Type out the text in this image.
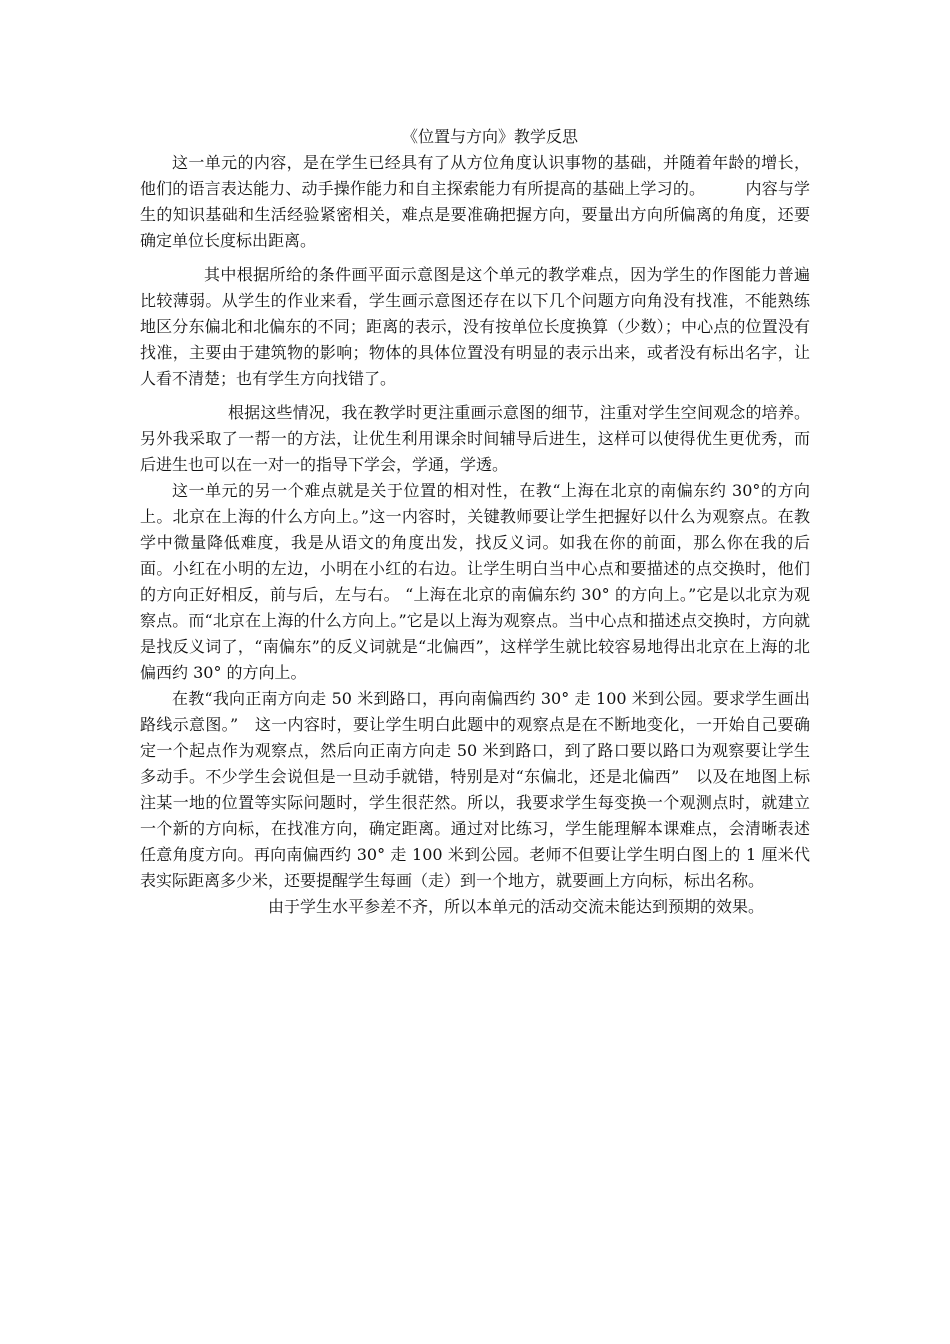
《位置与方向》教学反思

这一单元的内容，是在学生已经具有了从方位角度认识事物的基础，并随着年龄的增长，他们的语言表达能力、动手操作能力和自主探索能力有所提高的基础上学习的。　　　内容与学生的知识基础和生活经验紧密相关，难点是要准确把握方向，要量出方向所偏离的角度，还要确定单位长度标出距离。

其中根据所给的条件画平面示意图是这个单元的教学难点，因为学生的作图能力普遍比较薄弱。从学生的作业来看，学生画示意图还存在以下几个问题方向角没有找准，不能熟练地区分东偏北和北偏东的不同；距离的表示，没有按单位长度换算（少数）；中心点的位置没有找准，主要由于建筑物的影响；物体的具体位置没有明显的表示出来，或者没有标出名字，让人看不清楚；也有学生方向找错了。

根据这些情况，我在教学时更注重画示意图的细节，注重对学生空间观念的培养。另外我采取了一帮一的方法，让优生利用课余时间辅导后进生，这样可以使得优生更优秀，而后进生也可以在一对一的指导下学会，学通，学透。

这一单元的另一个难点就是关于位置的相对性，在教“上海在北京的南偏东约 30°的方向上。北京在上海的什么方向上。”这一内容时，关键教师要让学生把握好以什么为观察点。在教学中微量降低难度，我是从语文的角度出发，找反义词。如我在你的前面，那么你在我的后面。小红在小明的左边，小明在小红的右边。让学生明白当中心点和要描述的点交换时，他们的方向正好相反，前与后，左与右。 “上海在北京的南偏东约 30° 的方向上。”它是以北京为观察点。而“北京在上海的什么方向上。”它是以上海为观察点。当中心点和描述点交换时，方向就是找反义词了，“南偏东”的反义词就是“北偏西”，这样学生就比较容易地得出北京在上海的北偏西约 30° 的方向上。

在教“我向正南方向走 50 米到路口，再向南偏西约 30° 走 100 米到公园。要求学生画出路线示意图。”　这一内容时，要让学生明白此题中的观察点是在不断地变化，一开始自己要确定一个起点作为观察点，然后向正南方向走 50 米到路口，到了路口要以路口为观察要让学生多动手。不少学生会说但是一旦动手就错，特别是对“东偏北，还是北偏西”　以及在地图上标注某一地的位置等实际问题时，学生很茫然。所以，我要求学生每变换一个观测点时，就建立一个新的方向标，在找准方向，确定距离。通过对比练习，学生能理解本课难点，会清晰表述任意角度方向。再向南偏西约 30° 走 100 米到公园。老师不但要让学生明白图上的 1 厘米代表实际距离多少米，还要提醒学生每画（走）到一个地方，就要画上方向标，标出名称。

由于学生水平参差不齐，所以本单元的活动交流未能达到预期的效果。
